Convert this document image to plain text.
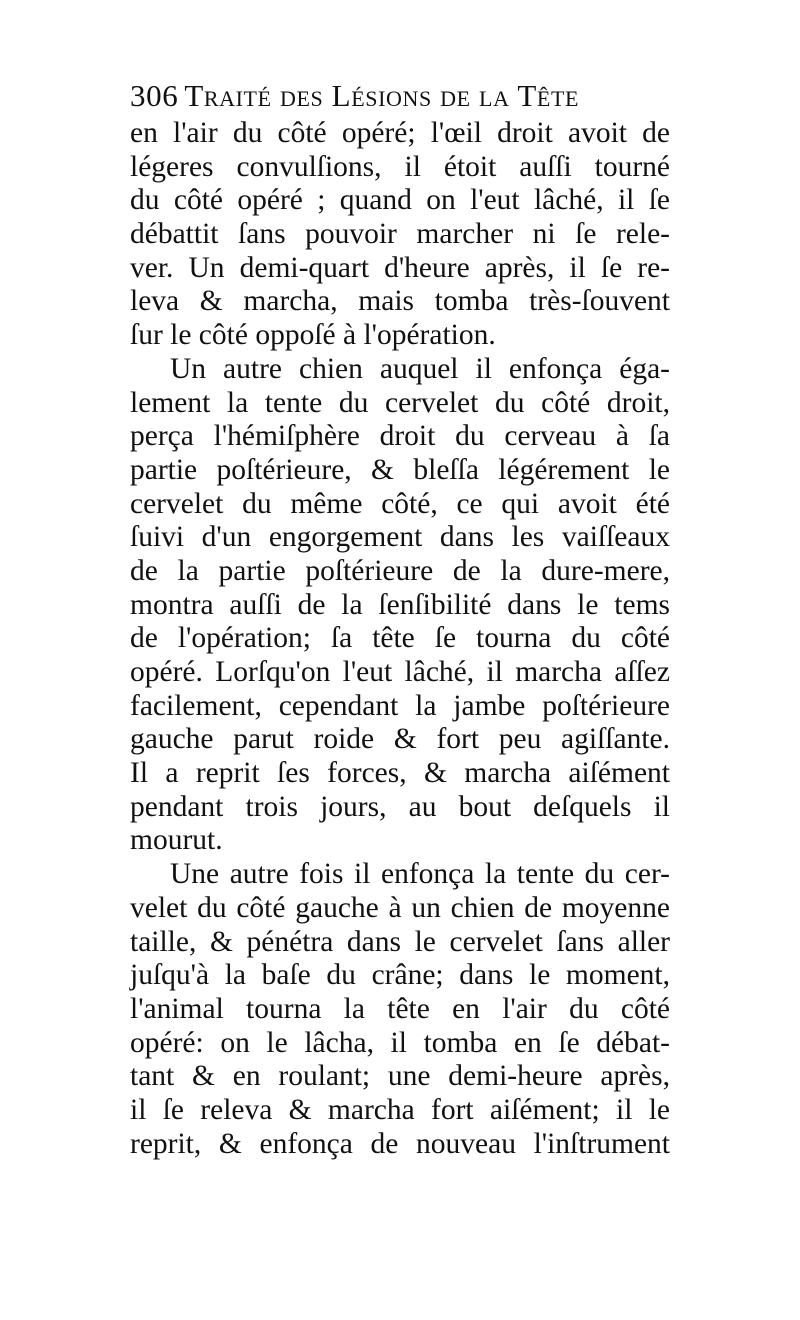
306 Traité des Lésions de la Tête
en l'air du côté opéré; l'œil droit avoit de
légeres convulſions, il étoit auſſi tourné
du côté opéré ; quand on l'eut lâché, il ſe
débattit ſans pouvoir marcher ni ſe rele-
ver. Un demi-quart d'heure après, il ſe re-
leva & marcha, mais tomba très-ſouvent
ſur le côté oppoſé à l'opération.
Un autre chien auquel il enfonça éga-
lement la tente du cervelet du côté droit,
perça l'hémiſphère droit du cerveau à ſa
partie poſtérieure, & bleſſa légérement le
cervelet du même côté, ce qui avoit été
ſuivi d'un engorgement dans les vaiſſeaux
de la partie poſtérieure de la dure-mere,
montra auſſi de la ſenſibilité dans le tems
de l'opération; ſa tête ſe tourna du côté
opéré. Lorſqu'on l'eut lâché, il marcha aſſez
facilement, cependant la jambe poſtérieure
gauche parut roide & fort peu agiſſante.
Il a reprit ſes forces, & marcha aiſément
pendant trois jours, au bout deſquels il
mourut.
Une autre fois il enfonça la tente du cer-
velet du côté gauche à un chien de moyenne
taille, & pénétra dans le cervelet ſans aller
juſqu'à la baſe du crâne; dans le moment,
l'animal tourna la tête en l'air du côté
opéré: on le lâcha, il tomba en ſe débat-
tant & en roulant; une demi-heure après,
il ſe releva & marcha fort aiſément; il le
reprit, & enfonça de nouveau l'inſtrument
